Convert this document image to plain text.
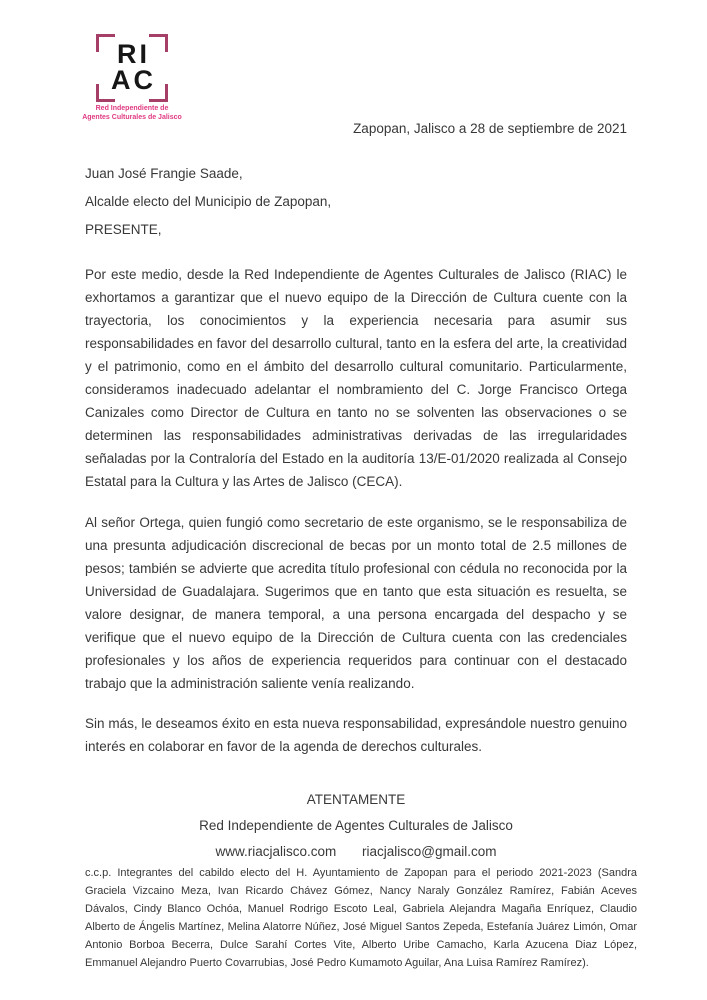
RI
AC
Red Independiente de
Agentes Culturales de Jalisco
Zapopan, Jalisco a 28 de septiembre de 2021
Juan José Frangie Saade,
Alcalde electo del Municipio de Zapopan,
PRESENTE,

Por este medio, desde la Red Independiente de Agentes Culturales de Jalisco (RIAC) le exhortamos a garantizar que el nuevo equipo de la Dirección de Cultura cuente con la trayectoria, los conocimientos y la experiencia necesaria para asumir sus responsabilidades en favor del desarrollo cultural, tanto en la esfera del arte, la creatividad y el patrimonio, como en el ámbito del desarrollo cultural comunitario. Particularmente, consideramos inadecuado adelantar el nombramiento del C. Jorge Francisco Ortega Canizales como Director de Cultura en tanto no se solventen las observaciones o se determinen las responsabilidades administrativas derivadas de las irregularidades señaladas por la Contraloría del Estado en la auditoría 13/E-01/2020 realizada al Consejo Estatal para la Cultura y las Artes de Jalisco (CECA).

Al señor Ortega, quien fungió como secretario de este organismo, se le responsabiliza de una presunta adjudicación discrecional de becas por un monto total de 2.5 millones de pesos; también se advierte que acredita título profesional con cédula no reconocida por la Universidad de Guadalajara. Sugerimos que en tanto que esta situación es resuelta, se valore designar, de manera temporal, a una persona encargada del despacho y se verifique que el nuevo equipo de la Dirección de Cultura cuenta con las credenciales profesionales y los años de experiencia requeridos para continuar con el destacado trabajo que la administración saliente venía realizando.

Sin más, le deseamos éxito en esta nueva responsabilidad, expresándole nuestro genuino interés en colaborar en favor de la agenda de derechos culturales.

ATENTAMENTE
Red Independiente de Agentes Culturales de Jalisco
www.riacjalisco.com riacjalisco@gmail.com
c.c.p. Integrantes del cabildo electo del H. Ayuntamiento de Zapopan para el periodo 2021-2023 (Sandra Graciela Vizcaino Meza, Ivan Ricardo Chávez Gómez, Nancy Naraly González Ramírez, Fabián Aceves Dávalos, Cindy Blanco Ochóa, Manuel Rodrigo Escoto Leal, Gabriela Alejandra Magaña Enríquez, Claudio Alberto de Ángelis Martínez, Melina Alatorre Núñez, José Miguel Santos Zepeda, Estefanía Juárez Limón, Omar Antonio Borboa Becerra, Dulce Sarahí Cortes Vite, Alberto Uribe Camacho, Karla Azucena Diaz López, Emmanuel Alejandro Puerto Covarrubias, José Pedro Kumamoto Aguilar, Ana Luisa Ramírez Ramírez).
